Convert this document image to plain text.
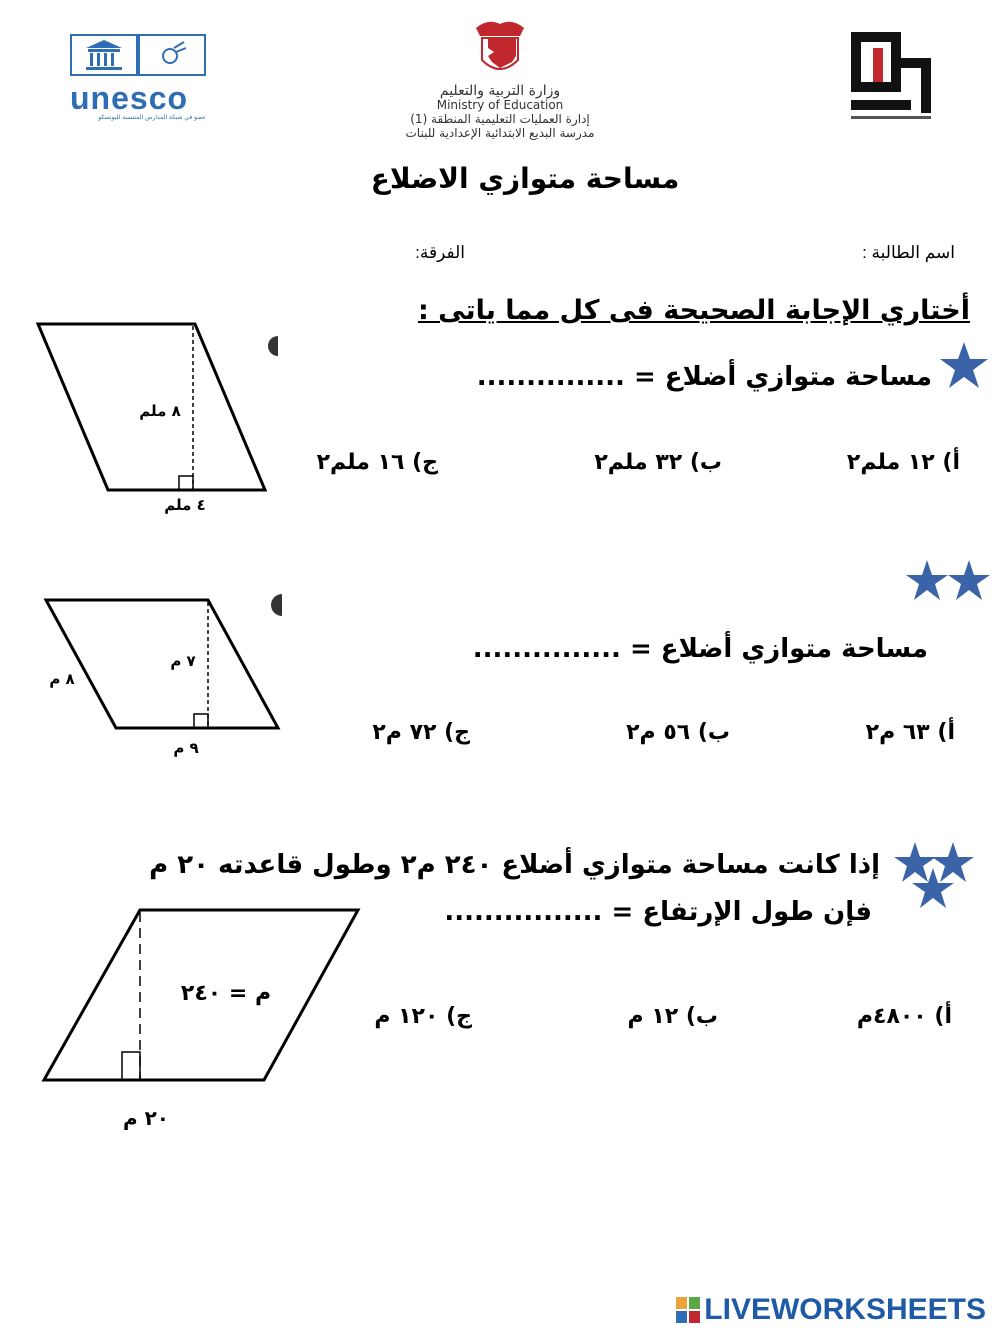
unesco
عضو في شبكة المدارس المنتسبة لليونسكو
وزارة التربية والتعليم
Ministry of Education
إدارة العمليات التعليمية المنطقة (1)
مدرسة البديع الابتدائية الإعدادية للبنات
مساحة متوازي الاضلاع
اسم الطالبة :
الفرقة:
أختاري الإجابة الصحيحة فى كل مما ياتى :
مساحة متوازي أضلاع = ...............
أ) ١٢ ملم٢
ب) ٣٢ ملم٢
ج) ١٦ ملم٢
٨ ملم
٤ ملم
مساحة متوازي أضلاع = ...............
أ) ٦٣ م٢
ب) ٥٦ م٢
ج) ٧٢ م٢
٧ م
٨ م
٩ م
إذا كانت مساحة متوازي أضلاع ٢٤٠ م٢ وطول قاعدته ٢٠ م
فإن طول الإرتفاع = ................
أ) ٤٨٠٠م
ب) ١٢ م
ج) ١٢٠ م
م = ٢٤٠
٢٠ م
LIVEWORKSHEETS
